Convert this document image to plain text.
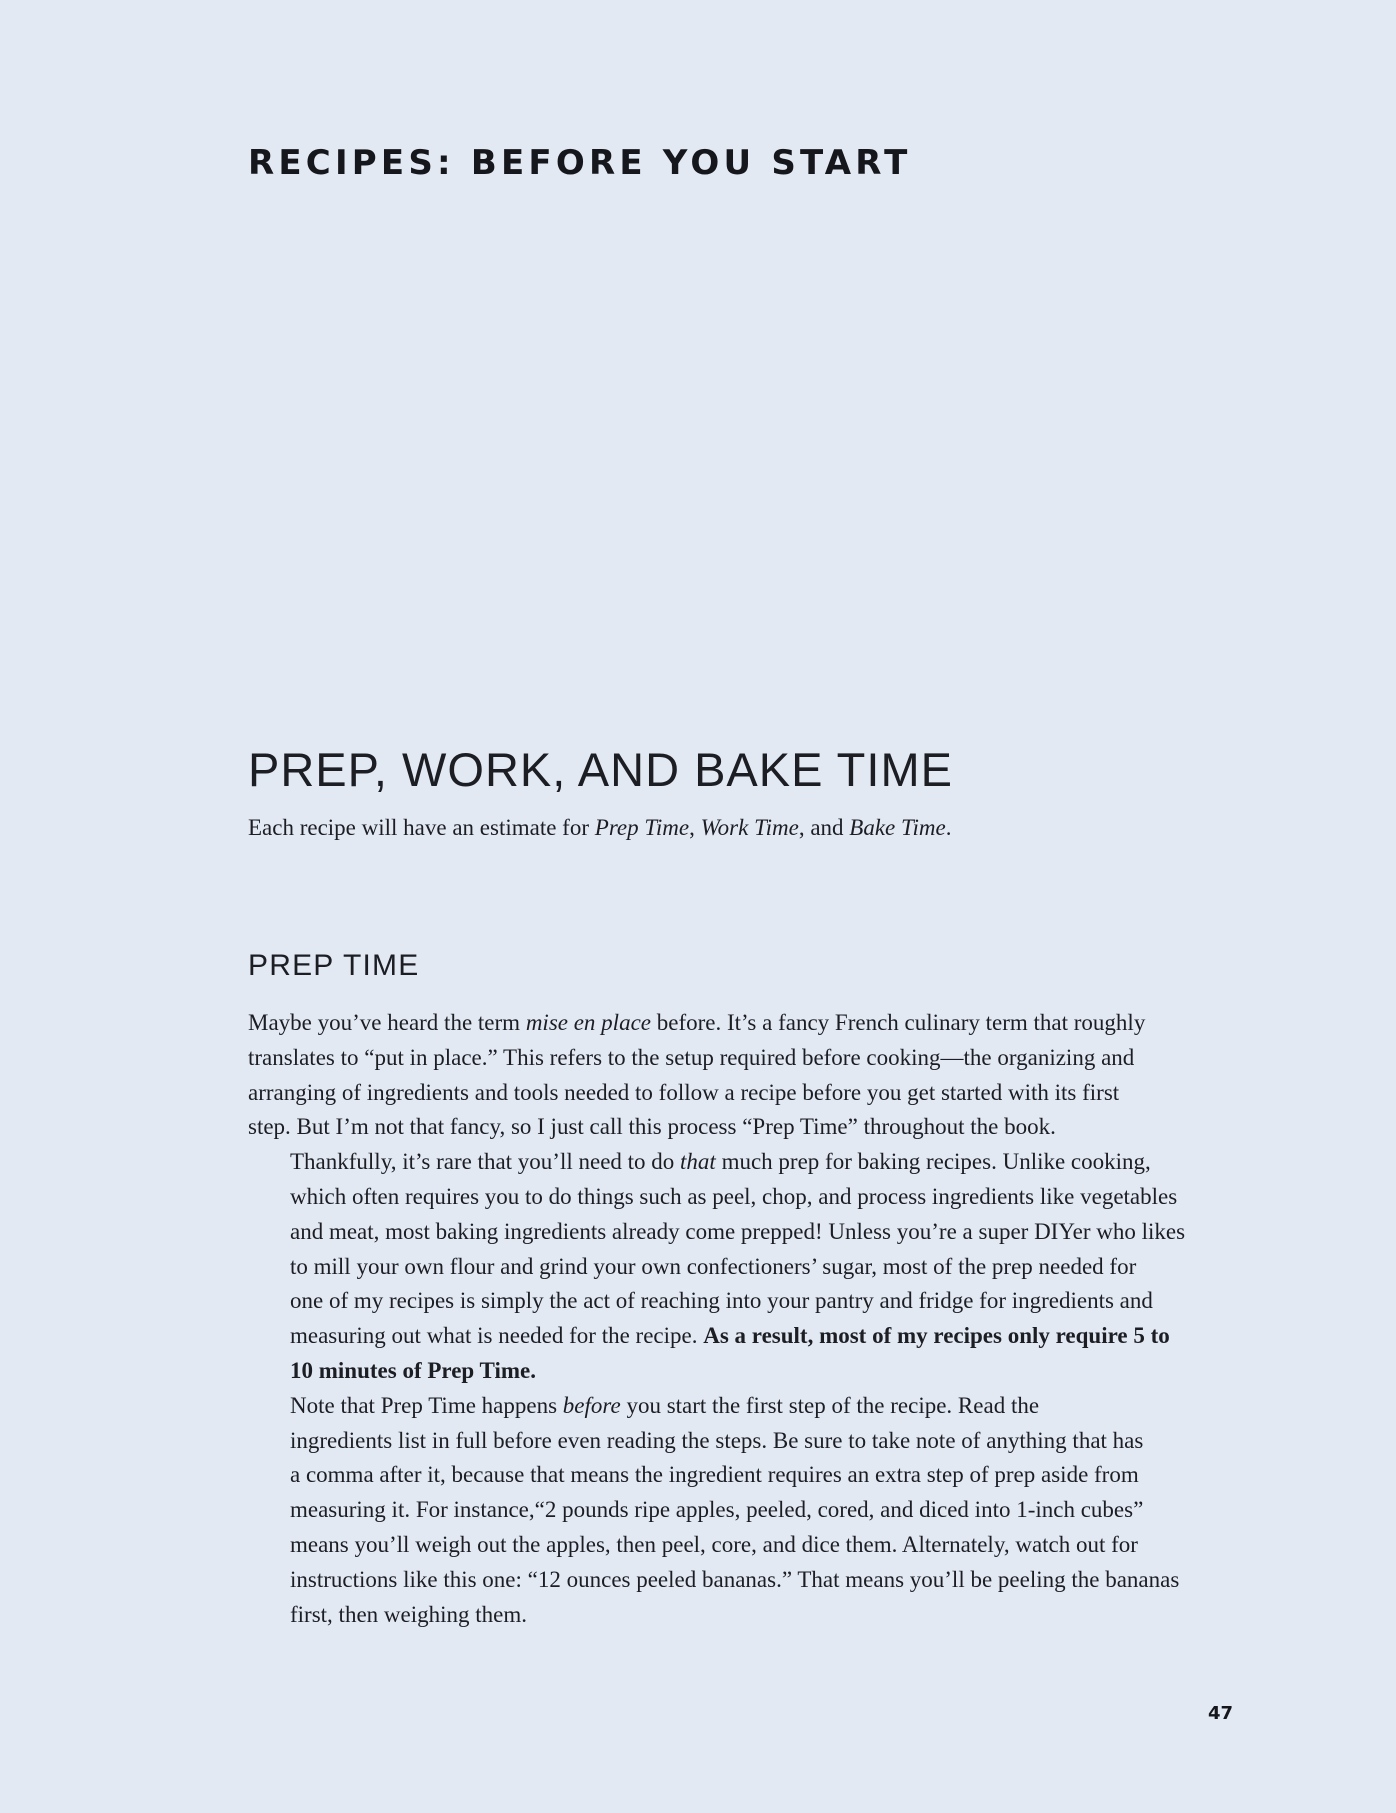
RECIPES: BEFORE YOU START
PREP, WORK, AND BAKE TIME

Each recipe will have an estimate for Prep Time, Work Time, and Bake Time.

PREP TIME

Maybe you’ve heard the term mise en place before. It’s a fancy French culinary term that roughly
translates to “put in place.” This refers to the setup required before cooking—the organizing and
arranging of ingredients and tools needed to follow a recipe before you get started with its first
step. But I’m not that fancy, so I just call this process “Prep Time” throughout the book.

Thankfully, it’s rare that you’ll need to do that much prep for baking recipes. Unlike cooking,
which often requires you to do things such as peel, chop, and process ingredients like vegetables
and meat, most baking ingredients already come prepped! Unless you’re a super DIYer who likes
to mill your own flour and grind your own confectioners’ sugar, most of the prep needed for
one of my recipes is simply the act of reaching into your pantry and fridge for ingredients and
measuring out what is needed for the recipe. As a result, most of my recipes only require 5 to
10 minutes of Prep Time.

Note that Prep Time happens before you start the first step of the recipe. Read the
ingredients list in full before even reading the steps. Be sure to take note of anything that has
a comma after it, because that means the ingredient requires an extra step of prep aside from
measuring it. For instance,“2 pounds ripe apples, peeled, cored, and diced into 1-inch cubes”
means you’ll weigh out the apples, then peel, core, and dice them. Alternately, watch out for
instructions like this one: “12 ounces peeled bananas.” That means you’ll be peeling the bananas
first, then weighing them.

47
